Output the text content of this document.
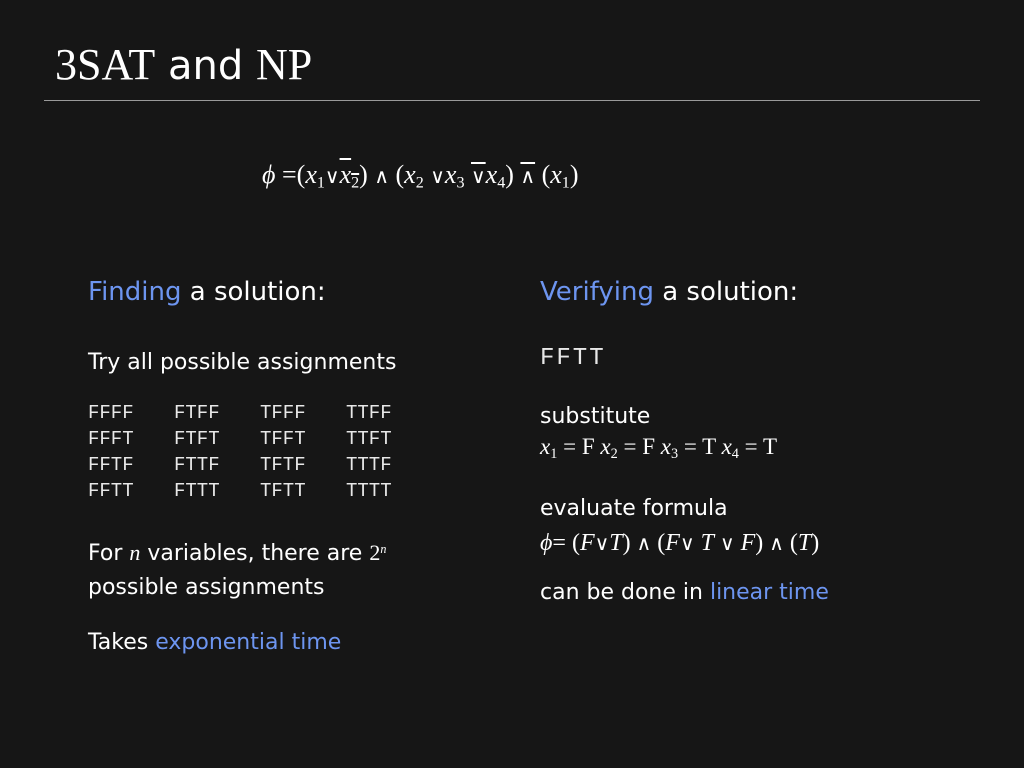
3SAT and NP
$\phi =(x_1\vee x_2)$ ∧ ($x_2$ $\vee x_3$ $\vee x_4$) ∧ $(x_1)$
Finding a solution:
Try all possible assignments
FFFF	FTFF	TFFF	TTFF
FFFT	FTFT	TFFT	TTFT
FFTF	FTTF	TFTF	TTTF
FFTT	FTTT	TFTT	TTTT
For n variables, there are 2$^n$
possible assignments
Takes exponential time
Verifying a solution:
FFTT
substitute
$x_1 = F$ $x_2 = F$ $x_3 = T$ $x_4 = T$
evaluate formula
ϕ= (F∨T) ∧ (F∨ T ∨ F) ∧ (T)
can be done in linear time
